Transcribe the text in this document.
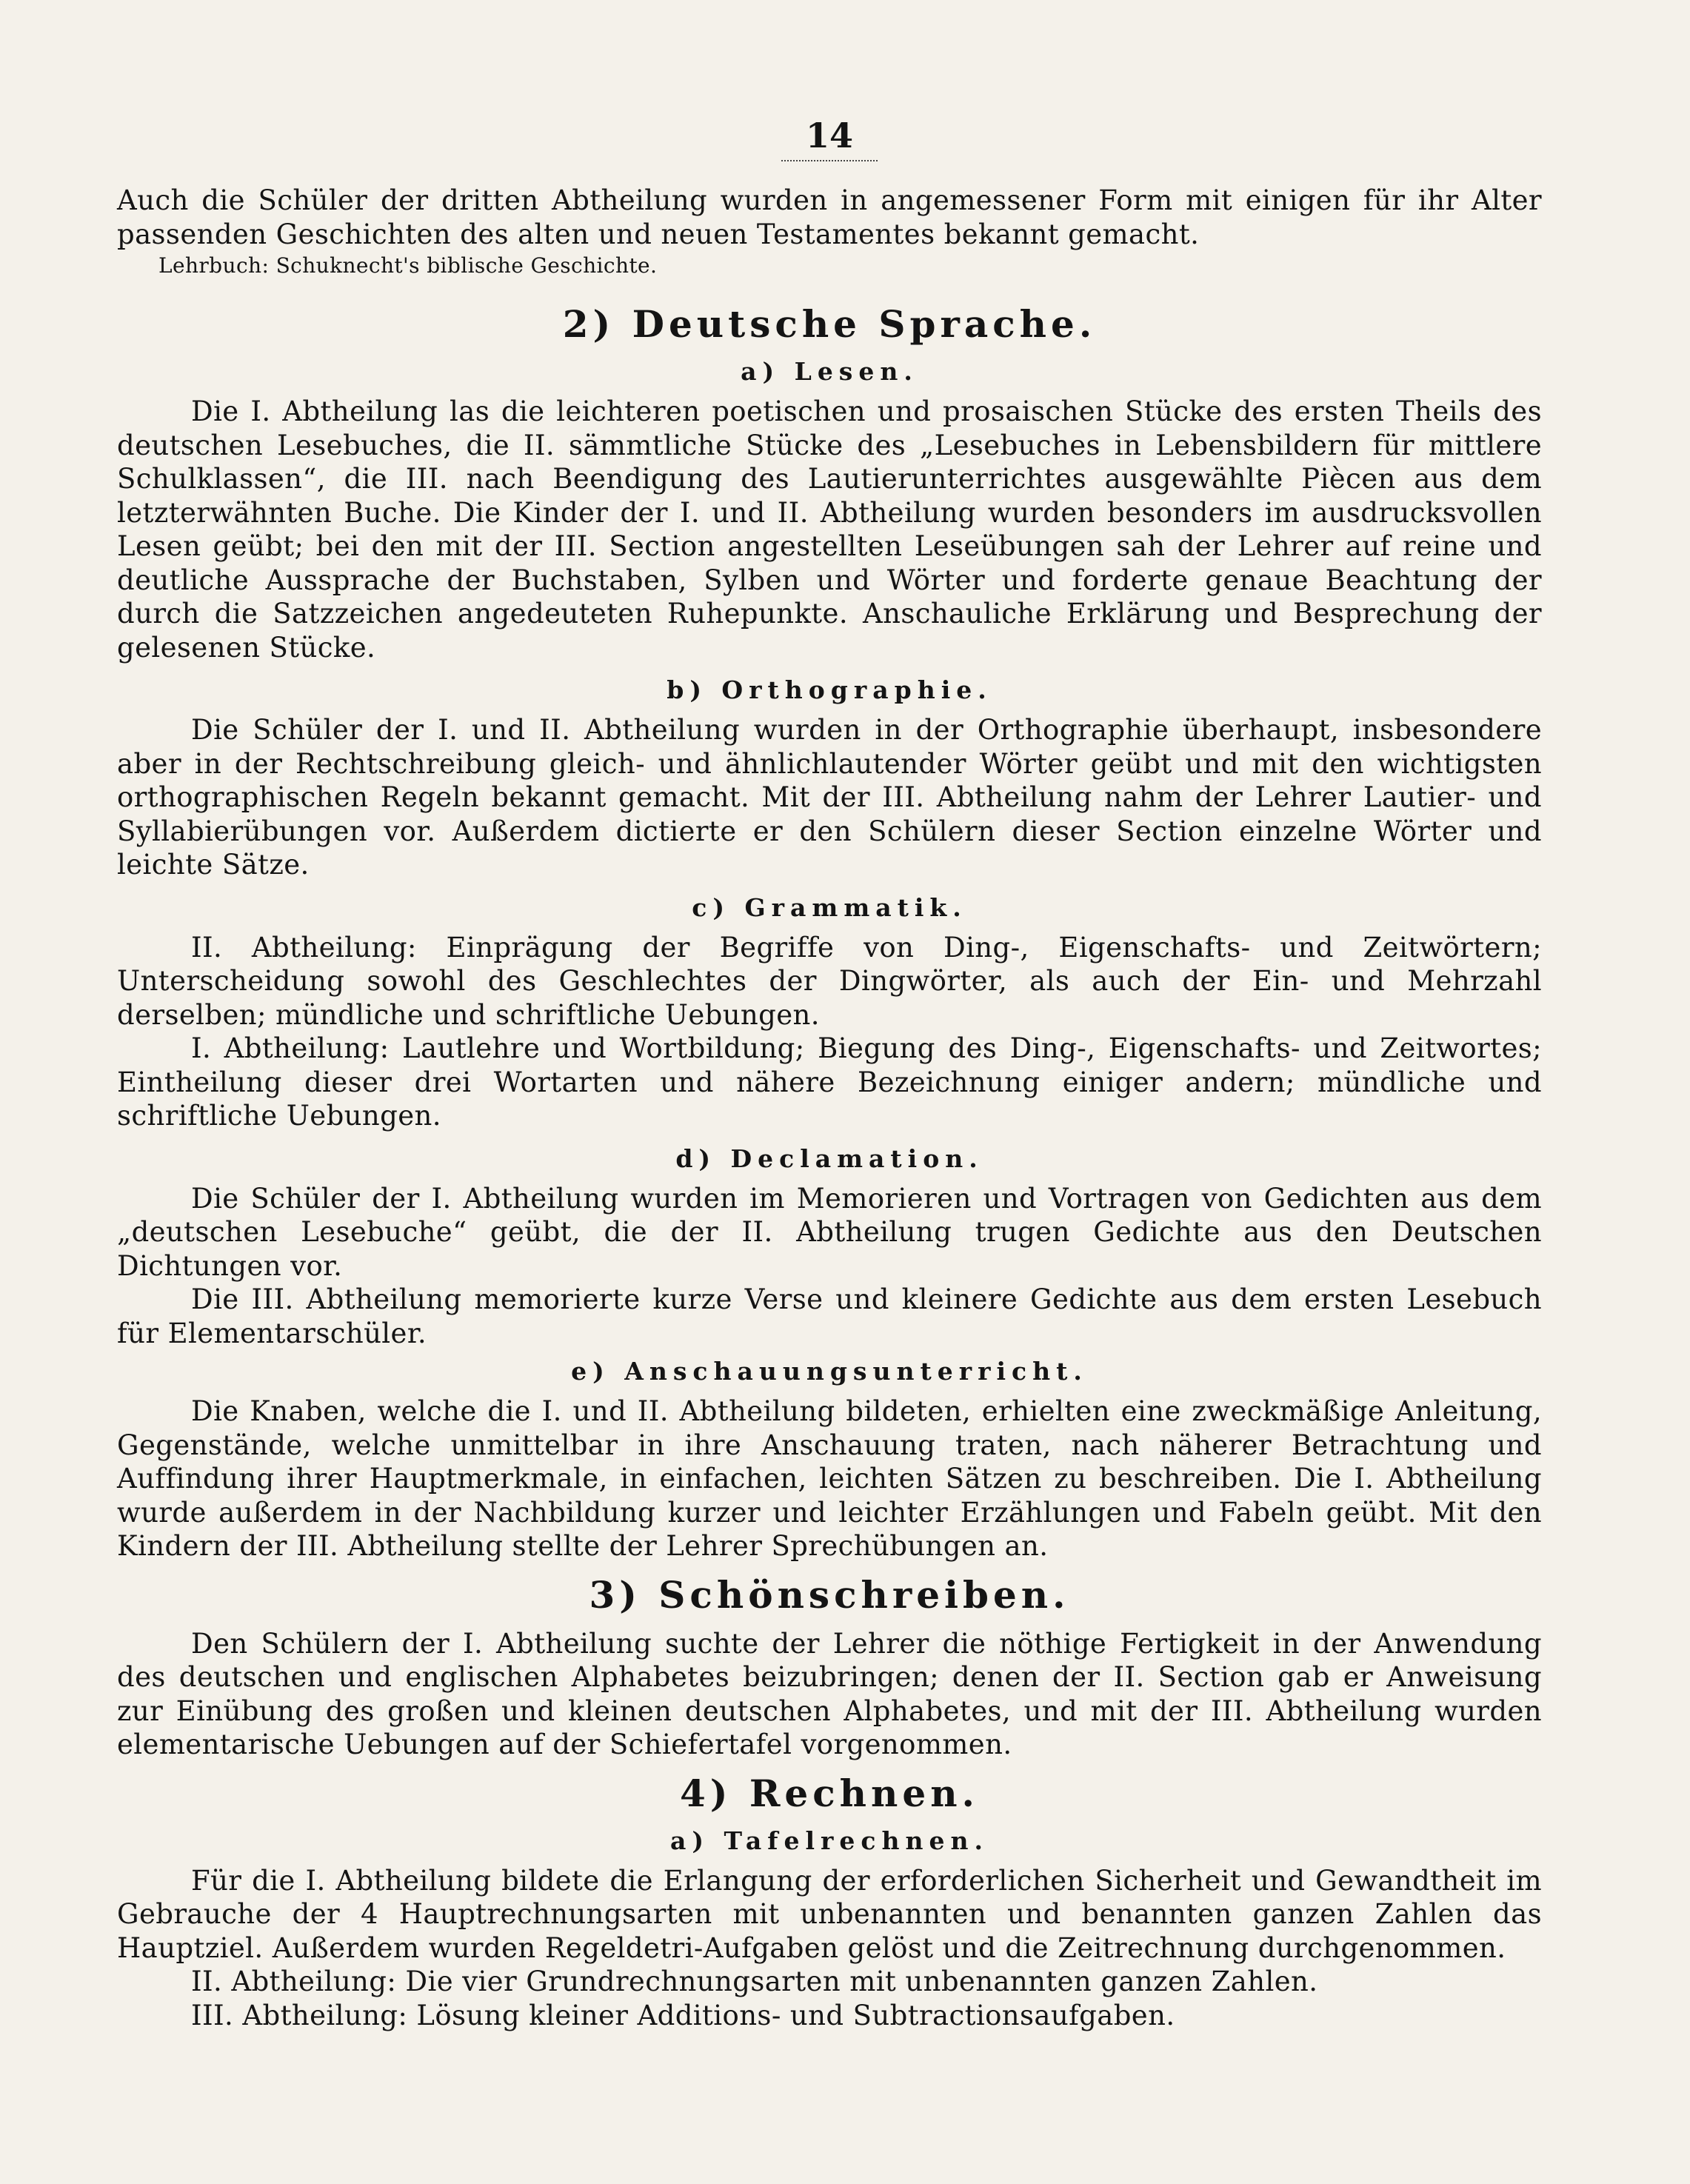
14

Auch die Schüler der dritten Abtheilung wurden in angemessener Form mit einigen für ihr Alter passenden Geschichten des alten und neuen Testamentes bekannt gemacht.

Lehrbuch: Schuknecht's biblische Geschichte.

2) Deutsche Sprache.
a) Lesen.

Die I. Abtheilung las die leichteren poetischen und prosaischen Stücke des ersten Theils des deutschen Lesebuches, die II. sämmtliche Stücke des „Lesebuches in Lebensbildern für mittlere Schulklassen“, die III. nach Beendigung des Lautierunterrichtes ausgewählte Piècen aus dem letzterwähnten Buche. Die Kinder der I. und II. Abtheilung wurden besonders im ausdrucksvollen Lesen geübt; bei den mit der III. Section angestellten Leseübungen sah der Lehrer auf reine und deutliche Aussprache der Buchstaben, Sylben und Wörter und forderte genaue Beachtung der durch die Satzzeichen angedeuteten Ruhepunkte. Anschauliche Erklärung und Besprechung der gelesenen Stücke.

b) Orthographie.

Die Schüler der I. und II. Abtheilung wurden in der Orthographie überhaupt, insbesondere aber in der Rechtschreibung gleich- und ähnlichlautender Wörter geübt und mit den wichtigsten orthographischen Regeln bekannt gemacht. Mit der III. Abtheilung nahm der Lehrer Lautier- und Syllabierübungen vor. Außerdem dictierte er den Schülern dieser Section einzelne Wörter und leichte Sätze.

c) Grammatik.

II. Abtheilung: Einprägung der Begriffe von Ding-, Eigenschafts- und Zeitwörtern; Unterscheidung sowohl des Geschlechtes der Dingwörter, als auch der Ein- und Mehrzahl derselben; mündliche und schriftliche Uebungen.

I. Abtheilung: Lautlehre und Wortbildung; Biegung des Ding-, Eigenschafts- und Zeitwortes; Eintheilung dieser drei Wortarten und nähere Bezeichnung einiger andern; mündliche und schriftliche Uebungen.

d) Declamation.

Die Schüler der I. Abtheilung wurden im Memorieren und Vortragen von Gedichten aus dem „deutschen Lesebuche“ geübt, die der II. Abtheilung trugen Gedichte aus den Deutschen Dichtungen vor.

Die III. Abtheilung memorierte kurze Verse und kleinere Gedichte aus dem ersten Lesebuch für Elementarschüler.

e) Anschauungsunterricht.

Die Knaben, welche die I. und II. Abtheilung bildeten, erhielten eine zweckmäßige Anleitung, Gegenstände, welche unmittelbar in ihre Anschauung traten, nach näherer Betrachtung und Auffindung ihrer Hauptmerkmale, in einfachen, leichten Sätzen zu beschreiben. Die I. Abtheilung wurde außerdem in der Nachbildung kurzer und leichter Erzählungen und Fabeln geübt. Mit den Kindern der III. Abtheilung stellte der Lehrer Sprechübungen an.

3) Schönschreiben.

Den Schülern der I. Abtheilung suchte der Lehrer die nöthige Fertigkeit in der Anwendung des deutschen und englischen Alphabetes beizubringen; denen der II. Section gab er Anweisung zur Einübung des großen und kleinen deutschen Alphabetes, und mit der III. Abtheilung wurden elementarische Uebungen auf der Schiefertafel vorgenommen.

4) Rechnen.
a) Tafelrechnen.

Für die I. Abtheilung bildete die Erlangung der erforderlichen Sicherheit und Gewandtheit im Gebrauche der 4 Hauptrechnungsarten mit unbenannten und benannten ganzen Zahlen das Hauptziel. Außerdem wurden Regeldetri-Aufgaben gelöst und die Zeitrechnung durchgenommen.

II. Abtheilung: Die vier Grundrechnungsarten mit unbenannten ganzen Zahlen.

III. Abtheilung: Lösung kleiner Additions- und Subtractionsaufgaben.
